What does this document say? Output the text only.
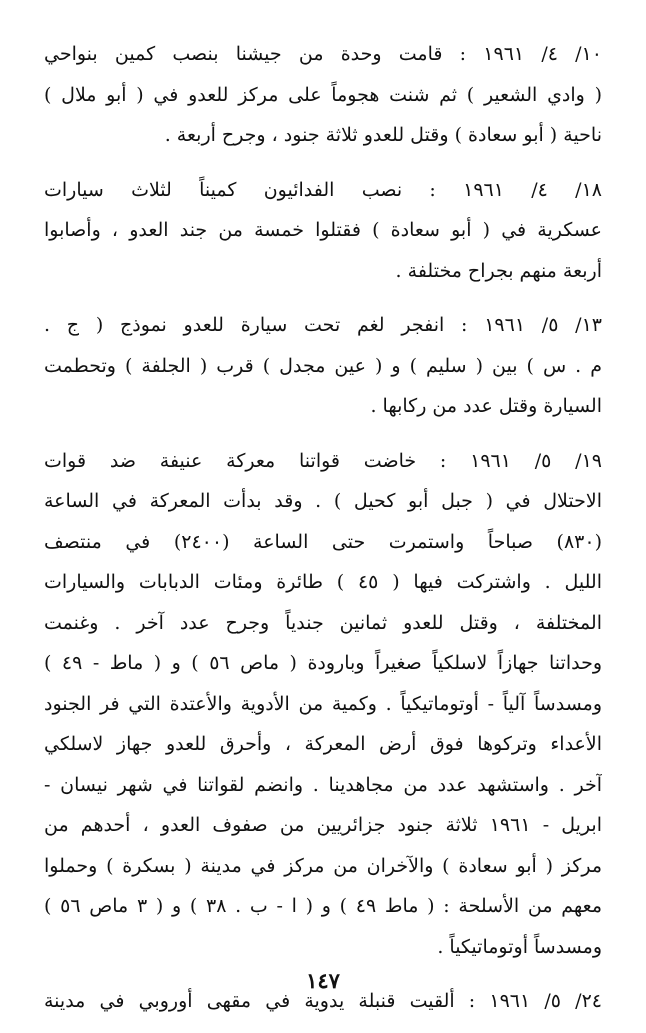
١٠/ ٤/ ١٩٦١ : قامت وحدة من جيشنا بنصب كمين بنواحي
( وادي الشعير ) ثم شنت هجوماً على مركز للعدو في ( أبو ملال )
ناحية ( أبو سعادة ) وقتل للعدو ثلاثة جنود ، وجرح أربعة .
١٨/ ٤/ ١٩٦١ : نصب الفدائيون كميناً لثلاث سيارات
عسكرية في ( أبو سعادة ) فقتلوا خمسة من جند العدو ، وأصابوا
أربعة منهم بجراح مختلفة .
١٣/ ٥/ ١٩٦١ : انفجر لغم تحت سيارة للعدو نموذج ( ج .
م . س ) بين ( سليم ) و ( عين مجدل ) قرب ( الجلفة ) وتحطمت
السيارة وقتل عدد من ركابها .
١٩/ ٥/ ١٩٦١ : خاضت قواتنا معركة عنيفة ضد قوات
الاحتلال في ( جبل أبو كحيل ) . وقد بدأت المعركة في الساعة
(٨٣٠) صباحاً واستمرت حتى الساعة (٢٤٠٠) في منتصف
الليل . واشتركت فيها ( ٤٥ ) طائرة ومئات الدبابات والسيارات
المختلفة ، وقتل للعدو ثمانين جندياً وجرح عدد آخر . وغنمت
وحداتنا جهازاً لاسلكياً صغيراً وبارودة ( ماص ٥٦ ) و ( ماط - ٤٩ )
ومسدساً آلياً - أوتوماتيكياً . وكمية من الأدوية والأعتدة التي فر الجنود
الأعداء وتركوها فوق أرض المعركة ، وأحرق للعدو جهاز لاسلكي
آخر . واستشهد عدد من مجاهدينا . وانضم لقواتنا في شهر نيسان -
ابريل - ١٩٦١ ثلاثة جنود جزائريين من صفوف العدو ، أحدهم من
مركز ( أبو سعادة ) والآخران من مركز في مدينة ( بسكرة ) وحملوا
معهم من الأسلحة : ( ماط ٤٩ ) و ( ا - ب . ٣٨ ) و ( ٣ ماص ٥٦ )
ومسدساً أوتوماتيكياً .
٢٤/ ٥/ ١٩٦١ : ألقيت قنبلة يدوية في مقهى أوروبي في مدينة
١٤٧
